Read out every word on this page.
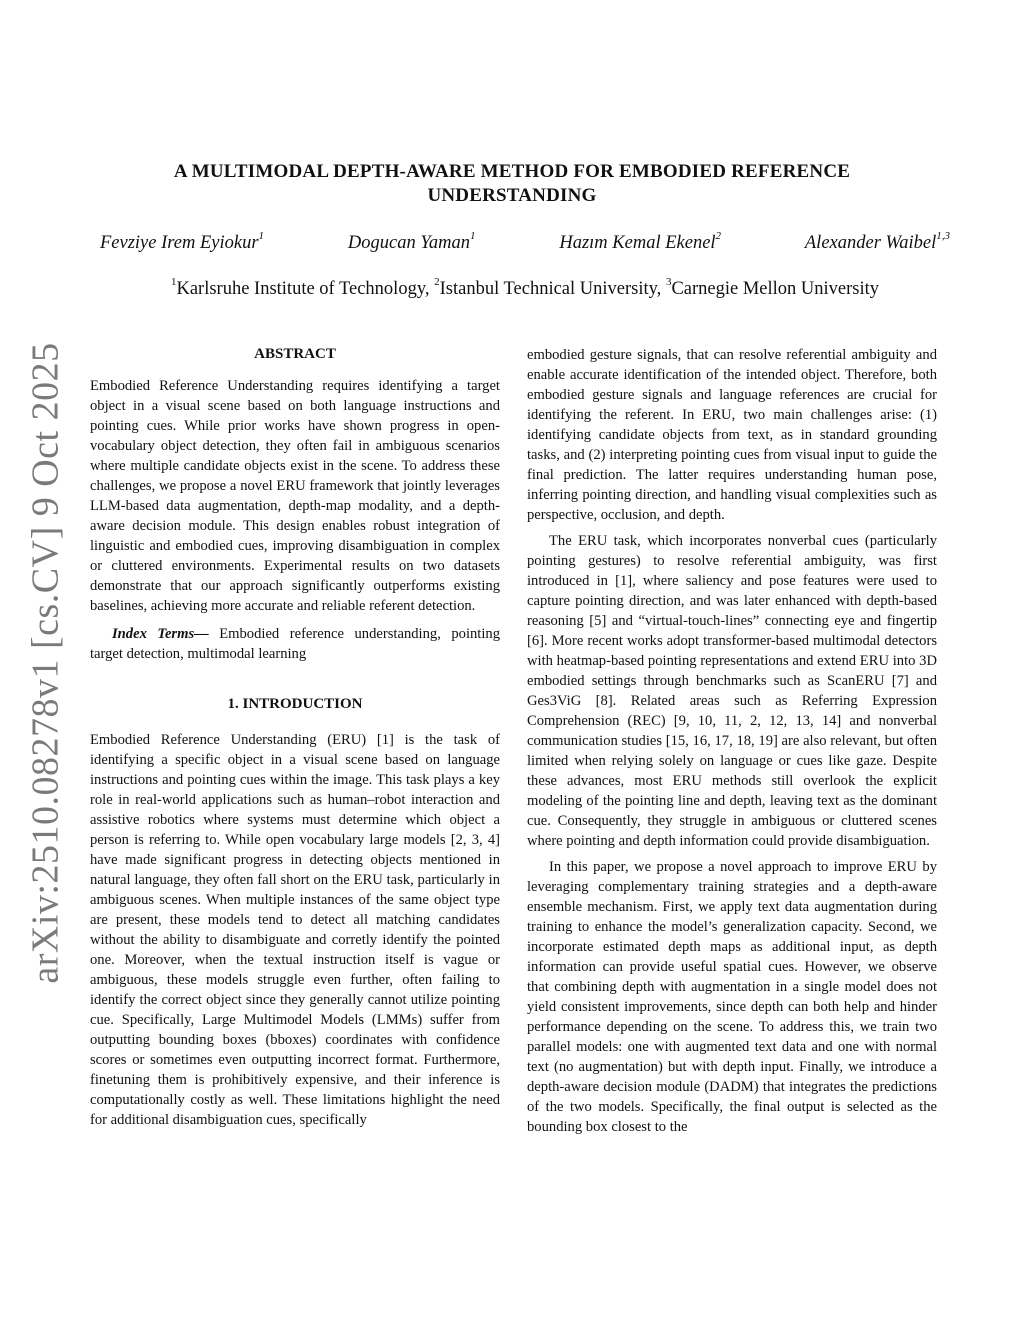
arXiv:2510.08278v1 [cs.CV] 9 Oct 2025
A MULTIMODAL DEPTH-AWARE METHOD FOR EMBODIED REFERENCE
UNDERSTANDING
Fevziye Irem Eyiokur$^1$	Dogucan Yaman$^1$	Hazım Kemal Ekenel$^2$	Alexander Waibel$^{1,3}$
$^1$Karlsruhe Institute of Technology, $^2$Istanbul Technical University, $^3$Carnegie Mellon University
ABSTRACT

Embodied Reference Understanding requires identifying a target object in a visual scene based on both language instructions and pointing cues. While prior works have shown progress in open-vocabulary object detection, they often fail in ambiguous scenarios where multiple candidate objects exist in the scene. To address these challenges, we propose a novel ERU framework that jointly leverages LLM-based data augmentation, depth-map modality, and a depth-aware decision module. This design enables robust integration of linguistic and embodied cues, improving disambiguation in complex or cluttered environments. Experimental results on two datasets demonstrate that our approach significantly outperforms existing baselines, achieving more accurate and reliable referent detection.

Index Terms— Embodied reference understanding, pointing target detection, multimodal learning

1. INTRODUCTION

Embodied Reference Understanding (ERU) [1] is the task of identifying a specific object in a visual scene based on language instructions and pointing cues within the image. This task plays a key role in real-world applications such as human–robot interaction and assistive robotics where systems must determine which object a person is referring to. While open vocabulary large models [2, 3, 4] have made significant progress in detecting objects mentioned in natural language, they often fall short on the ERU task, particularly in ambiguous scenes. When multiple instances of the same object type are present, these models tend to detect all matching candidates without the ability to disambiguate and corretly identify the pointed one. Moreover, when the textual instruction itself is vague or ambiguous, these models struggle even further, often failing to identify the correct object since they generally cannot utilize pointing cue. Specifically, Large Multimodel Models (LMMs) suffer from outputting bounding boxes (bboxes) coordinates with confidence scores or sometimes even outputting incorrect format. Furthermore, finetuning them is prohibitively expensive, and their inference is computationally costly as well. These limitations highlight the need for additional disambiguation cues, specifically

embodied gesture signals, that can resolve referential ambiguity and enable accurate identification of the intended object. Therefore, both embodied gesture signals and language references are crucial for identifying the referent. In ERU, two main challenges arise: (1) identifying candidate objects from text, as in standard grounding tasks, and (2) interpreting pointing cues from visual input to guide the final prediction. The latter requires understanding human pose, inferring pointing direction, and handling visual complexities such as perspective, occlusion, and depth.

The ERU task, which incorporates nonverbal cues (particularly pointing gestures) to resolve referential ambiguity, was first introduced in [1], where saliency and pose features were used to capture pointing direction, and was later enhanced with depth-based reasoning [5] and “virtual-touch-lines” connecting eye and fingertip [6]. More recent works adopt transformer-based multimodal detectors with heatmap-based pointing representations and extend ERU into 3D embodied settings through benchmarks such as ScanERU [7] and Ges3ViG [8]. Related areas such as Referring Expression Comprehension (REC) [9, 10, 11, 2, 12, 13, 14] and nonverbal communication studies [15, 16, 17, 18, 19] are also relevant, but often limited when relying solely on language or cues like gaze. Despite these advances, most ERU methods still overlook the explicit modeling of the pointing line and depth, leaving text as the dominant cue. Consequently, they struggle in ambiguous or cluttered scenes where pointing and depth information could provide disambiguation.

In this paper, we propose a novel approach to improve ERU by leveraging complementary training strategies and a depth-aware ensemble mechanism. First, we apply text data augmentation during training to enhance the model’s generalization capacity. Second, we incorporate estimated depth maps as additional input, as depth information can provide useful spatial cues. However, we observe that combining depth with augmentation in a single model does not yield consistent improvements, since depth can both help and hinder performance depending on the scene. To address this, we train two parallel models: one with augmented text data and one with normal text (no augmentation) but with depth input. Finally, we introduce a depth-aware decision module (DADM) that integrates the predictions of the two models. Specifically, the final output is selected as the bounding box closest to the
